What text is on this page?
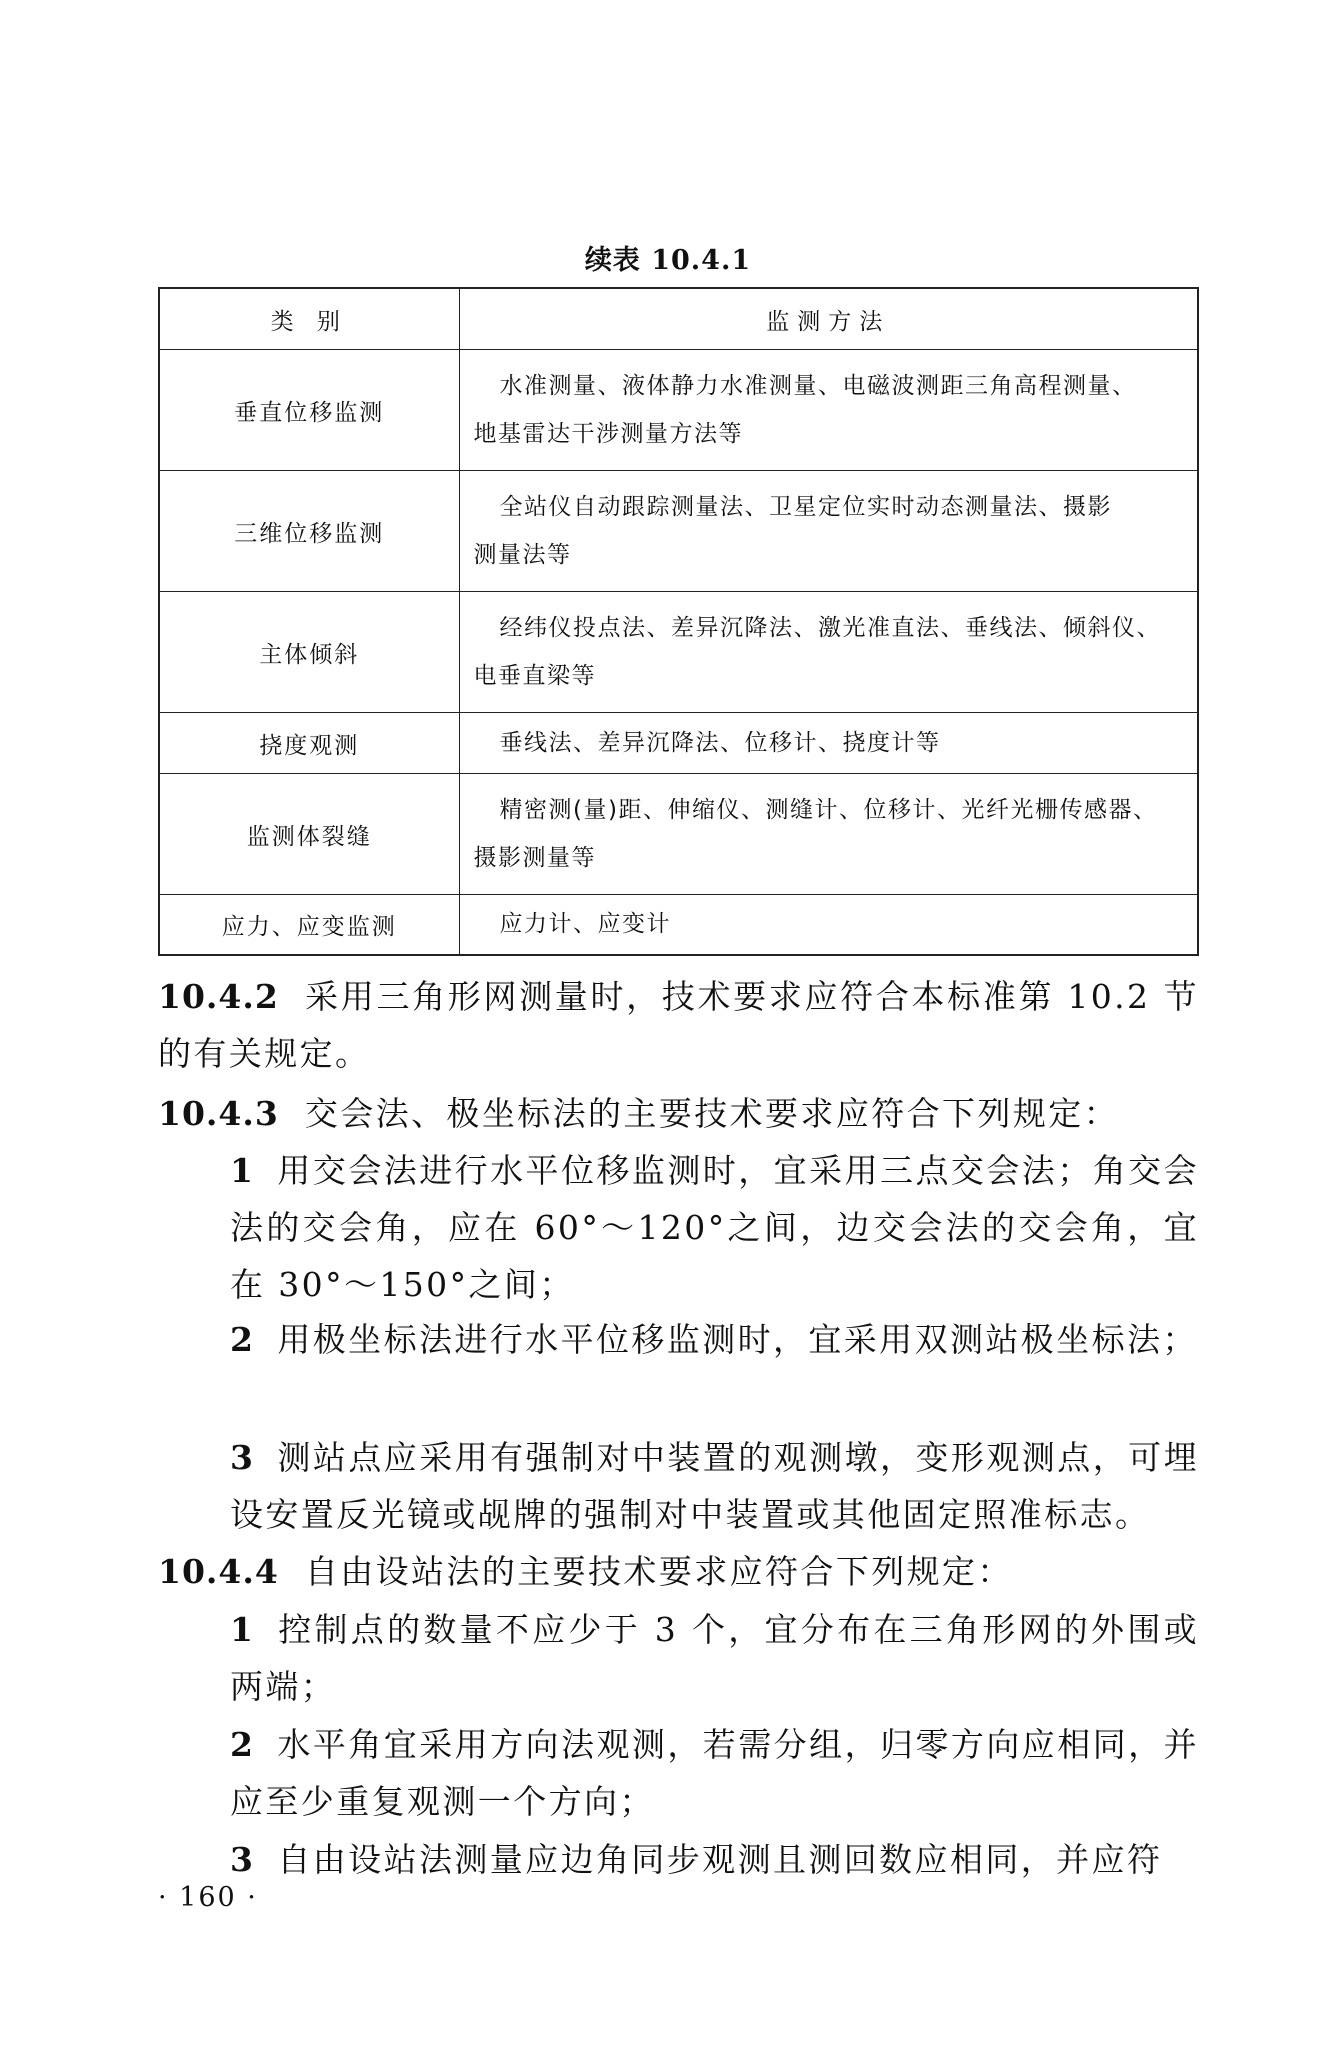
续表 10.4.1
类 别	监测方法
垂直位移监测	水准测量、液体静力水准测量、电磁波测距三角高程测量、
地基雷达干涉测量方法等
三维位移监测	全站仪自动跟踪测量法、卫星定位实时动态测量法、摄影
测量法等
主体倾斜	经纬仪投点法、差异沉降法、激光准直法、垂线法、倾斜仪、
电垂直梁等
挠度观测	垂线法、差异沉降法、位移计、挠度计等
监测体裂缝	精密测(量)距、伸缩仪、测缝计、位移计、光纤光栅传感器、
摄影测量等
应力、应变监测	应力计、应变计
10.4.2 采用三角形网测量时，技术要求应符合本标准第 10.2 节的有关规定。
10.4.3 交会法、极坐标法的主要技术要求应符合下列规定：
1 用交会法进行水平位移监测时，宜采用三点交会法；角交会法的交会角，应在 60°～120°之间，边交会法的交会角，宜在 30°～150°之间；
2 用极坐标法进行水平位移监测时，宜采用双测站极坐标法；
3 测站点应采用有强制对中装置的观测墩，变形观测点，可埋设安置反光镜或觇牌的强制对中装置或其他固定照准标志。
10.4.4 自由设站法的主要技术要求应符合下列规定：
1 控制点的数量不应少于 3 个，宜分布在三角形网的外围或两端；
2 水平角宜采用方向法观测，若需分组，归零方向应相同，并应至少重复观测一个方向；
3 自由设站法测量应边角同步观测且测回数应相同，并应符
· 160 ·
